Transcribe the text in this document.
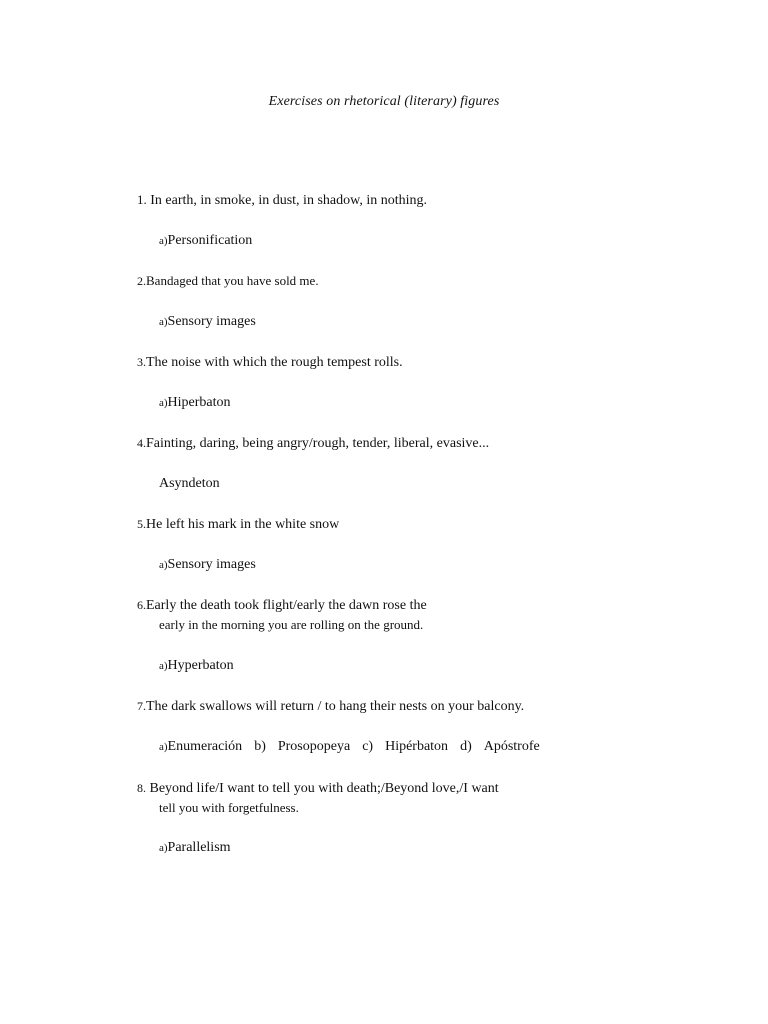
Exercises on rhetorical (literary) figures
1. In earth, in smoke, in dust, in shadow, in nothing.
a)Personification
2.Bandaged that you have sold me.
a)Sensory images
3.The noise with which the rough tempest rolls.
a)Hiperbaton
4.Fainting, daring, being angry/rough, tender, liberal, evasive...
Asyndeton
5.He left his mark in the white snow
a)Sensory images
6.Early the death took flight/early the dawn rose the
early in the morning you are rolling on the ground.
a)Hyperbaton
7.The dark swallows will return / to hang their nests on your balcony.
a)Enumeración b) Prosopopeya c) Hipérbaton d) Apóstrofe
8. Beyond life/I want to tell you with death;/Beyond love,/I want
tell you with forgetfulness.
a)Parallelism
